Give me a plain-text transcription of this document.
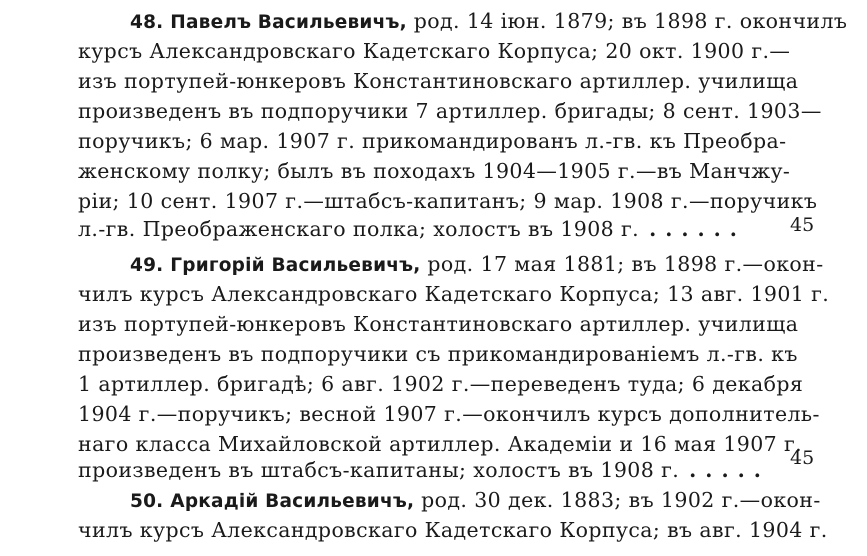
48. Павелъ Васильевичъ, род. 14 іюн. 1879; въ 1898 г. окончилъ
курсъ Александровскаго Кадетскаго Корпуса; 20 окт. 1900 г.—
изъ портупей-юнкеровъ Константиновскаго артиллер. училища
произведенъ въ подпоручики 7 артиллер. бригады; 8 сент. 1903—
поручикъ; 6 мар. 1907 г. прикомандированъ л.-гв. къ Преобра-
женскому полку; былъ въ походахъ 1904—1905 г.—въ Манчжу-
ріи; 10 сент. 1907 г.—штабсъ-капитанъ; 9 мар. 1908 г.—поручикъ
л.-гв. Преображенскаго полка; холостъ въ 1908 г. ......	45
49. Григорій Васильевичъ, род. 17 мая 1881; въ 1898 г.—окон-
чилъ курсъ Александровскаго Кадетскаго Корпуса; 13 авг. 1901 г.
изъ портупей-юнкеровъ Константиновскаго артиллер. училища
произведенъ въ подпоручики съ прикомандированіемъ л.-гв. къ
1 артиллер. бригадѣ; 6 авг. 1902 г.—переведенъ туда; 6 декабря
1904 г.—поручикъ; весной 1907 г.—окончилъ курсъ дополнитель-
наго класса Михайловской артиллер. Академіи и 16 мая 1907 г.
произведенъ въ штабсъ-капитаны; холостъ въ 1908 г. .....	45
50. Аркадій Васильевичъ, род. 30 дек. 1883; въ 1902 г.—окон-
чилъ курсъ Александровскаго Кадетскаго Корпуса; въ авг. 1904 г.
